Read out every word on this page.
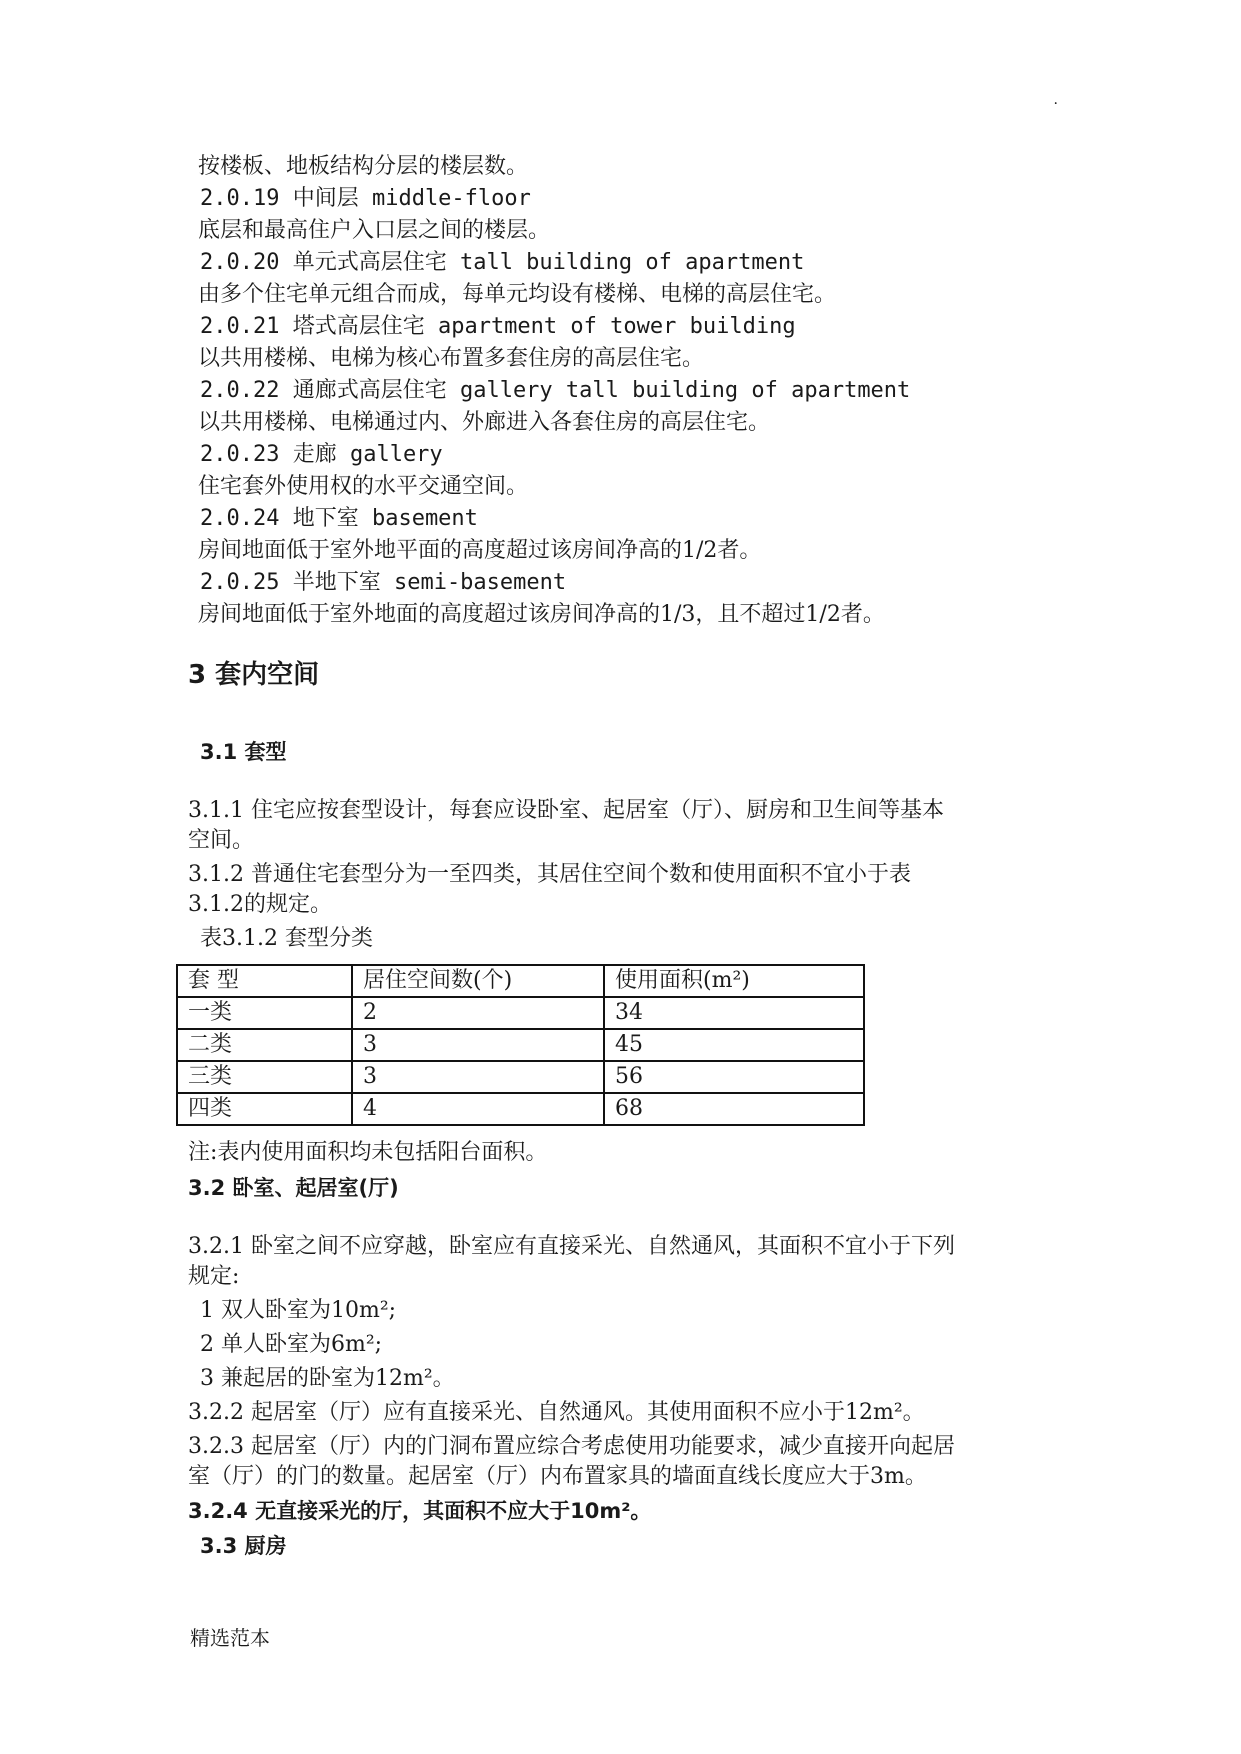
.
按楼板、地板结构分层的楼层数。
2.0.19 中间层 middle-floor
底层和最高住户入口层之间的楼层。
2.0.20 单元式高层住宅 tall building of apartment
由多个住宅单元组合而成，每单元均设有楼梯、电梯的高层住宅。
2.0.21 塔式高层住宅 apartment of tower building
以共用楼梯、电梯为核心布置多套住房的高层住宅。
2.0.22 通廊式高层住宅 gallery tall building of apartment
以共用楼梯、电梯通过内、外廊进入各套住房的高层住宅。
2.0.23 走廊 gallery
住宅套外使用权的水平交通空间。
2.0.24 地下室 basement
房间地面低于室外地平面的高度超过该房间净高的1/2者。
2.0.25 半地下室 semi-basement
房间地面低于室外地面的高度超过该房间净高的1/3，且不超过1/2者。
3 套内空间
3.1 套型
3.1.1 住宅应按套型设计，每套应设卧室、起居室（厅）、厨房和卫生间等基本
空间。
3.1.2 普通住宅套型分为一至四类，其居住空间个数和使用面积不宜小于表
3.1.2的规定。
表3.1.2 套型分类
套 型	居住空间数(个)	使用面积(m²)
一类	2	34
二类	3	45
三类	3	56
四类	4	68
注:表内使用面积均未包括阳台面积。
3.2 卧室、起居室(厅)
3.2.1 卧室之间不应穿越，卧室应有直接采光、自然通风，其面积不宜小于下列
规定:
1 双人卧室为10m²;
2 单人卧室为6m²;
3 兼起居的卧室为12m²。
3.2.2 起居室（厅）应有直接采光、自然通风。其使用面积不应小于12m²。
3.2.3 起居室（厅）内的门洞布置应综合考虑使用功能要求，减少直接开向起居
室（厅）的门的数量。起居室（厅）内布置家具的墙面直线长度应大于3m。
3.2.4 无直接采光的厅，其面积不应大于10m²。
3.3 厨房
精选范本
